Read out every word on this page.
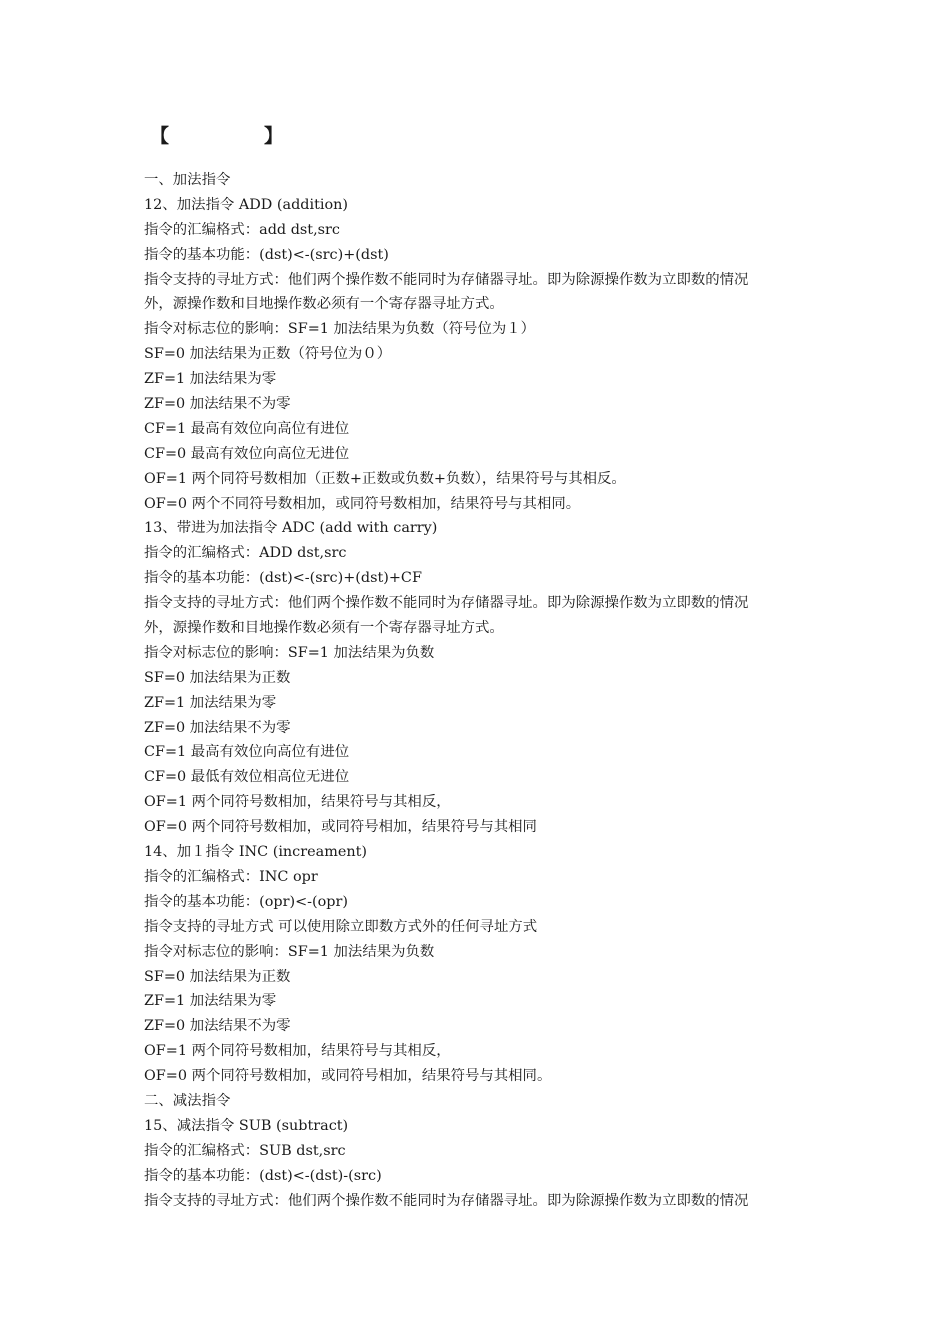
【　　　　　】
一、加法指令
12、加法指令 ADD (addition)
指令的汇编格式：add dst,src
指令的基本功能：(dst)<-(src)+(dst)
指令支持的寻址方式：他们两个操作数不能同时为存储器寻址。即为除源操作数为立即数的情况
外，源操作数和目地操作数必须有一个寄存器寻址方式。
指令对标志位的影响：SF=1 加法结果为负数（符号位为１）
SF=0 加法结果为正数（符号位为０）
ZF=1 加法结果为零
ZF=0 加法结果不为零
CF=1 最高有效位向高位有进位
CF=0 最高有效位向高位无进位
OF=1 两个同符号数相加（正数+正数或负数+负数），结果符号与其相反。
OF=0 两个不同符号数相加，或同符号数相加，结果符号与其相同。
13、带进为加法指令 ADC (add with carry)
指令的汇编格式：ADD dst,src
指令的基本功能：(dst)<-(src)+(dst)+CF
指令支持的寻址方式：他们两个操作数不能同时为存储器寻址。即为除源操作数为立即数的情况
外，源操作数和目地操作数必须有一个寄存器寻址方式。
指令对标志位的影响：SF=1 加法结果为负数
SF=0 加法结果为正数
ZF=1 加法结果为零
ZF=0 加法结果不为零
CF=1 最高有效位向高位有进位
CF=0 最低有效位相高位无进位
OF=1 两个同符号数相加，结果符号与其相反，
OF=0 两个同符号数相加，或同符号相加，结果符号与其相同
14、加１指令 INC (increament)
指令的汇编格式：INC opr
指令的基本功能：(opr)<-(opr)
指令支持的寻址方式 可以使用除立即数方式外的任何寻址方式
指令对标志位的影响：SF=1 加法结果为负数
SF=0 加法结果为正数
ZF=1 加法结果为零
ZF=0 加法结果不为零
OF=1 两个同符号数相加，结果符号与其相反，
OF=0 两个同符号数相加，或同符号相加，结果符号与其相同。
二、减法指令
15、减法指令 SUB (subtract)
指令的汇编格式：SUB dst,src
指令的基本功能：(dst)<-(dst)-(src)
指令支持的寻址方式：他们两个操作数不能同时为存储器寻址。即为除源操作数为立即数的情况
